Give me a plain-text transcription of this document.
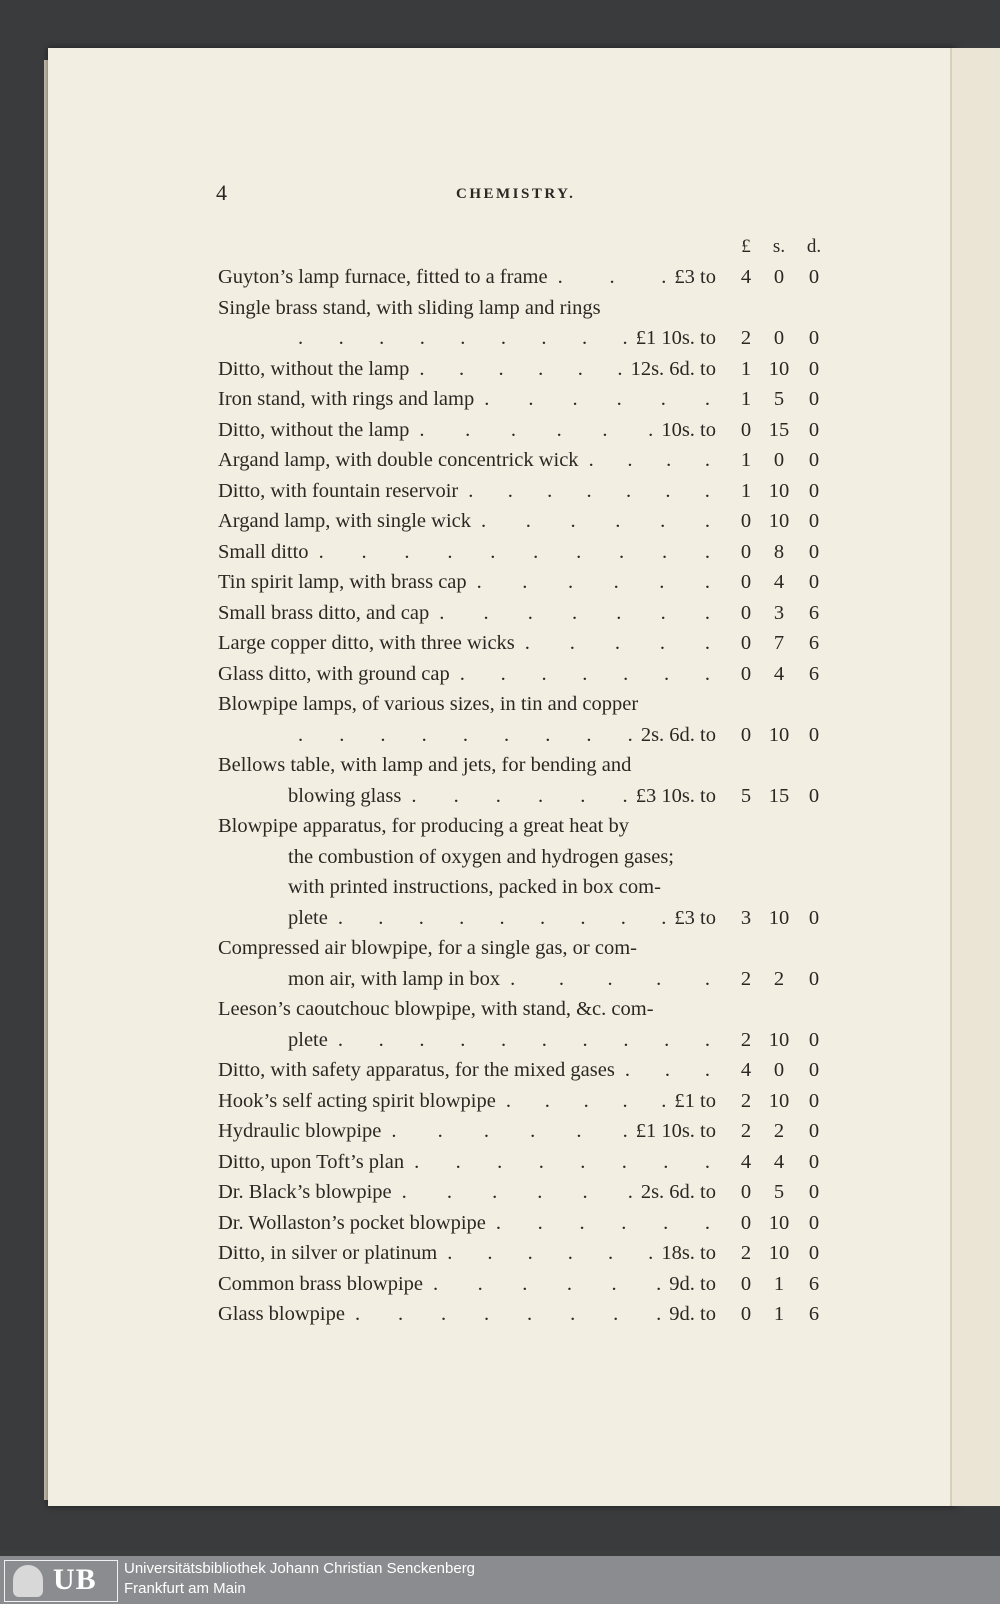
4	CHEMISTRY.
£	s.	d.
Guyton’s lamp furnace, fitted to a frame	£3 to	4	0	0
. . .
Single brass stand, with sliding lamp and rings
£1 10s. to	2	0	0
. . . . . . . . .
Ditto, without the lamp	12s. 6d. to	1 10 0
. . . . . .
Iron stand, with rings and lamp	1	5	0
. . . . . .
Ditto, without the lamp	10s. to	0 15 0
. . . . . .
Argand lamp, with double concentrick wick	1	0	0
. . . .
Ditto, with fountain reservoir	1 10 0
. . . . . . .
Argand lamp, with single wick	0 10 0
. . . . . .
Small ditto	0	8	0
. . . . . . . . . .
Tin spirit lamp, with brass cap	0	4	0
. . . . . .
Small brass ditto, and cap	0	3	6
. . . . . . .
Large copper ditto, with three wicks	0	7	6
. . . . .
Glass ditto, with ground cap	0	4	6
. . . . . . .
Blowpipe lamps, of various sizes, in tin and copper
2s. 6d. to	0 10 0
. . . . . . . . .
Bellows table, with lamp and jets, for bending and
blowing glass	£3 10s. to	5 15 0
. . . . . .
Blowpipe apparatus, for producing a great heat by
the combustion of oxygen and hydrogen gases;
with printed instructions, packed in box com-
plete	£3 to	3 10 0
. . . . . . . . .
Compressed air blowpipe, for a single gas, or com-
mon air, with lamp in box	2	2	0
. . . . .
Leeson’s caoutchouc blowpipe, with stand, &c. com-
plete	2 10 0
. . . . . . . . . .
Ditto, with safety apparatus, for the mixed gases	4	0	0
. . .
Hook’s self acting spirit blowpipe	£1 to	2 10 0
. . . . .
Hydraulic blowpipe	£1 10s. to	2	2	0
. . . . . .
Ditto, upon Toft’s plan	4	4	0
. . . . . . . .
Dr. Black’s blowpipe	2s. 6d. to	0	5	0
. . . . . .
Dr. Wollaston’s pocket blowpipe	0 10 0
. . . . . .
Ditto, in silver or platinum	18s. to	2 10 0
. . . . . .
Common brass blowpipe	9d. to	0	1	6
. . . . . .
Glass blowpipe	9d. to	0	1	6
. . . . . . . .
UB Universitätsbibliothek Johann Christian Senckenberg
Frankfurt am Main
